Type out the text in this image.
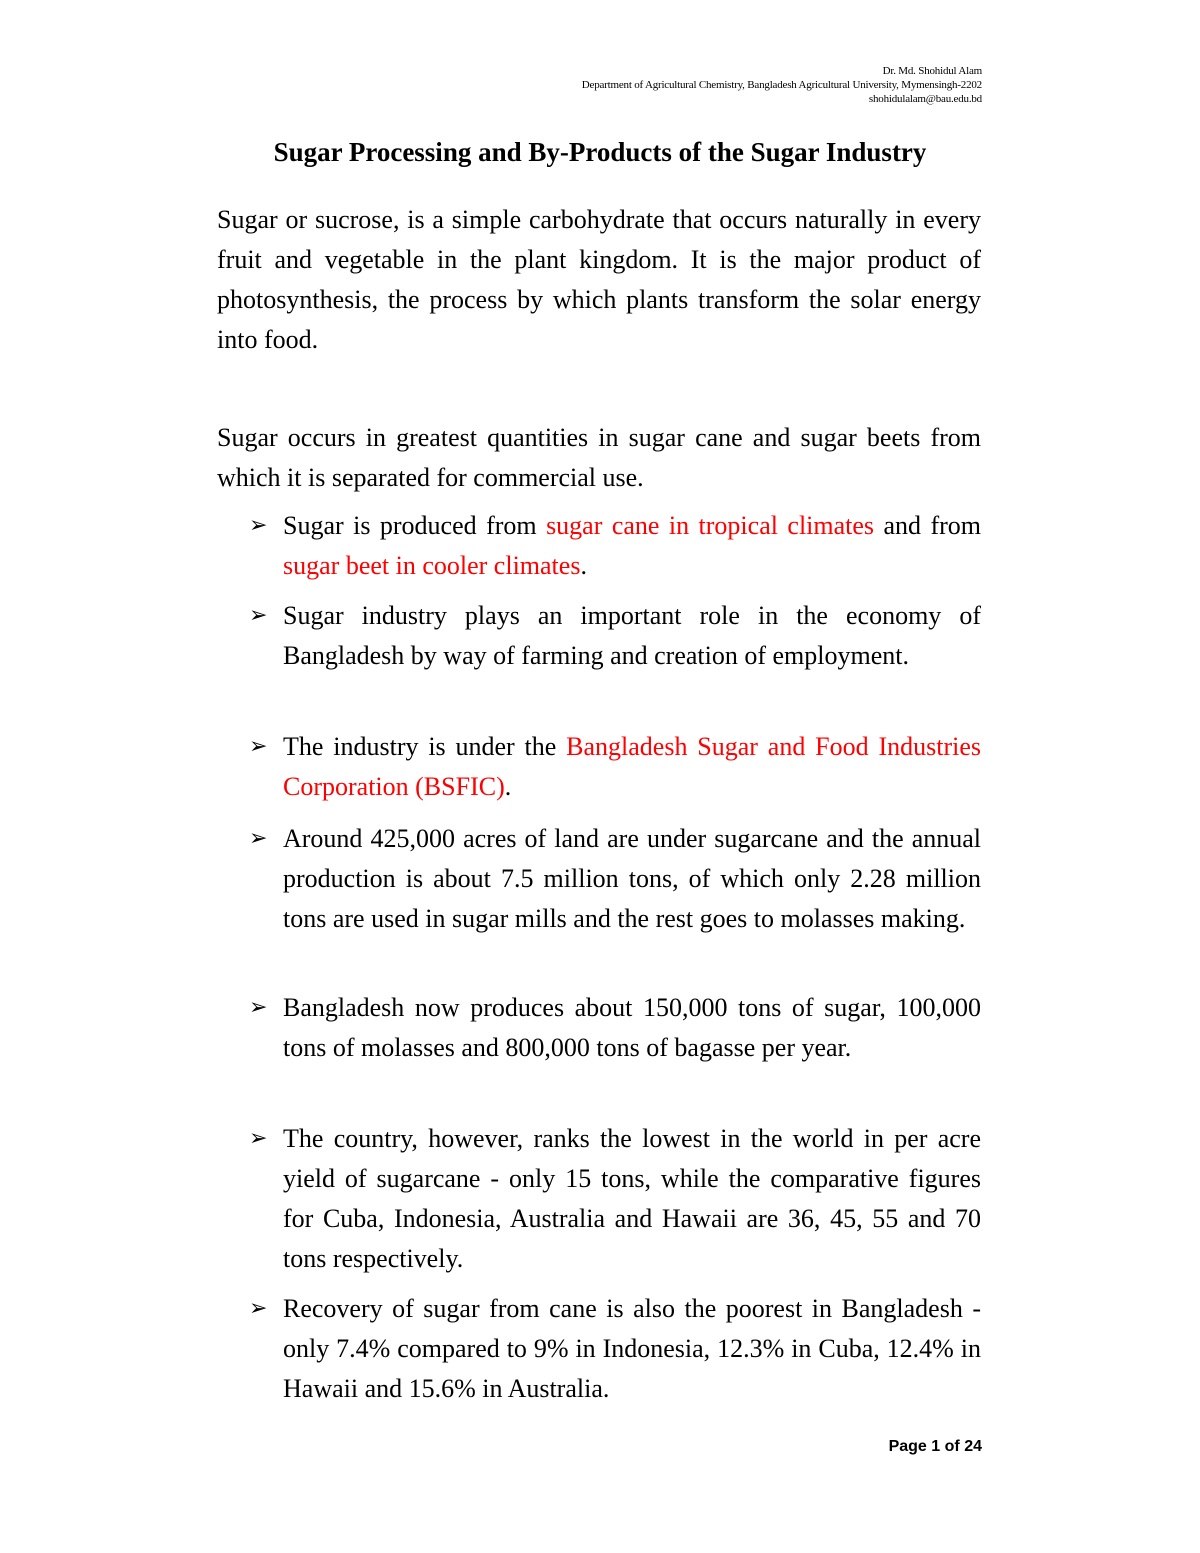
Dr. Md. Shohidul Alam
Department of Agricultural Chemistry, Bangladesh Agricultural University, Mymensingh-2202
shohidulalam@bau.edu.bd
Sugar Processing and By-Products of the Sugar Industry

Sugar or sucrose, is a simple carbohydrate that occurs naturally in every fruit and vegetable in the plant kingdom. It is the major product of photosynthesis, the process by which plants transform the solar energy into food.

Sugar occurs in greatest quantities in sugar cane and sugar beets from which it is separated for commercial use.

➢ Sugar is produced from sugar cane in tropical climates and from sugar beet in cooler climates.
➢ Sugar industry plays an important role in the economy of Bangladesh by way of farming and creation of employment.
➢ The industry is under the Bangladesh Sugar and Food Industries Corporation (BSFIC).
➢ Around 425,000 acres of land are under sugarcane and the annual production is about 7.5 million tons, of which only 2.28 million tons are used in sugar mills and the rest goes to molasses making.
➢ Bangladesh now produces about 150,000 tons of sugar, 100,000 tons of molasses and 800,000 tons of bagasse per year.
➢ The country, however, ranks the lowest in the world in per acre yield of sugarcane - only 15 tons, while the comparative figures for Cuba, Indonesia, Australia and Hawaii are 36, 45, 55 and 70 tons respectively.
➢ Recovery of sugar from cane is also the poorest in Bangladesh - only 7.4% compared to 9% in Indonesia, 12.3% in Cuba, 12.4% in Hawaii and 15.6% in Australia.
Page 1 of 24
